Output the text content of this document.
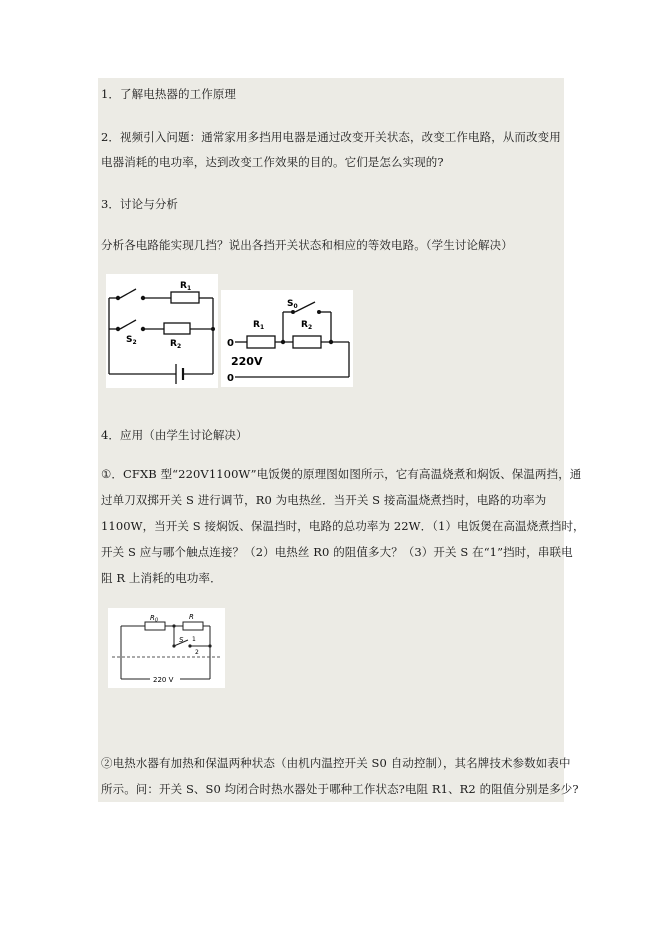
1．了解电热器的工作原理
2．视频引入问题：通常家用多挡用电器是通过改变开关状态，改变工作电路，从而改变用
电器消耗的电功率，达到改变工作效果的目的。它们是怎么实现的?
3．讨论与分析
分析各电路能实现几挡？说出各挡开关状态和相应的等效电路。（学生讨论解决）
$R_1$
$R_2$
$S_2$
$S_0$
$R_1$	$R_2$
0
0
220V
4．应用（由学生讨论解决）
①．CFXB 型“220V1100W”电饭煲的原理图如图所示，它有高温烧煮和焖饭、保温两挡，通
过单刀双掷开关 S 进行调节，R0 为电热丝．当开关 S 接高温烧煮挡时，电路的功率为
1100W，当开关 S 接焖饭、保温挡时，电路的总功率为 22W．（1）电饭煲在高温烧煮挡时，
开关 S 应与哪个触点连接？（2）电热丝 R0 的阻值多大？（3）开关 S 在“1”挡时，串联电
阻 R 上消耗的电功率．
$R_0$	R
S 1
2
220 V
②电热水器有加热和保温两种状态（由机内温控开关 S0 自动控制），其名牌技术参数如表中
所示。问：开关 S、S0 均闭合时热水器处于哪种工作状态?电阻 R1、R2 的阻值分别是多少?
